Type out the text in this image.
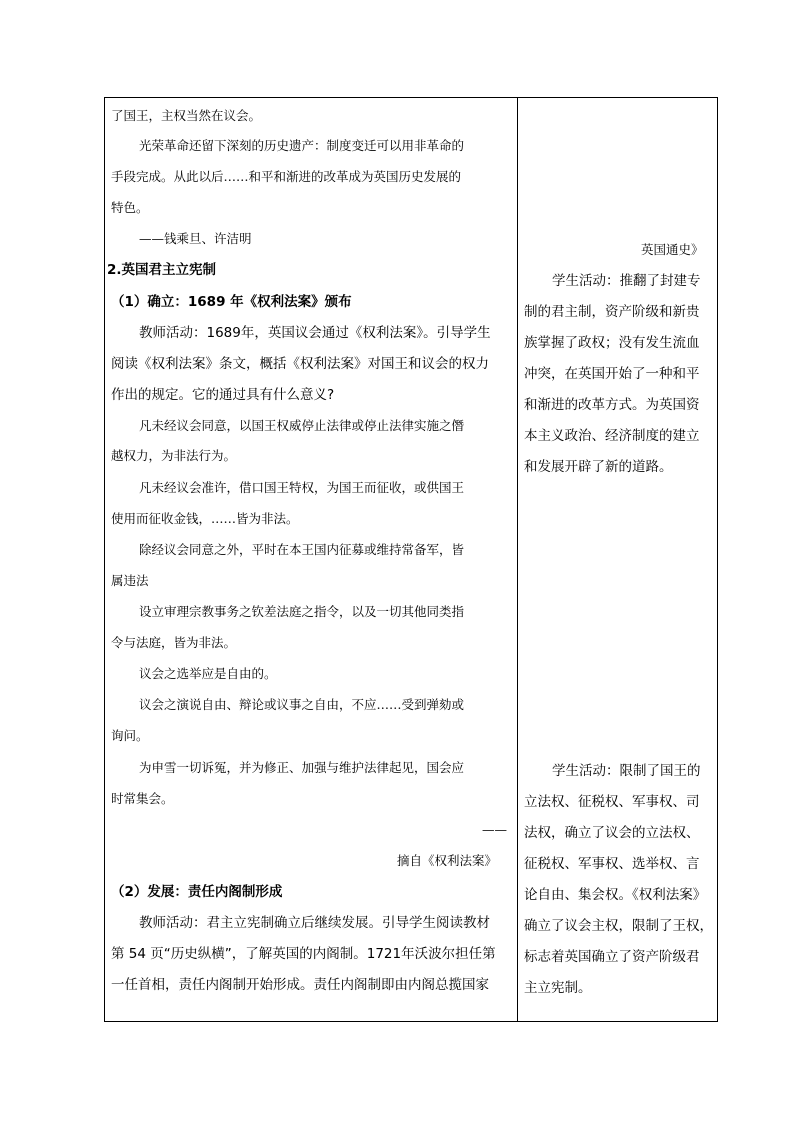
了国王，主权当然在议会。
光荣革命还留下深刻的历史遗产：制度变迁可以用非革命的
手段完成。从此以后……和平和渐进的改革成为英国历史发展的
特色。
——钱乘旦、许洁明
2.英国君主立宪制
（1）确立：1689 年《权利法案》颁布
教师活动：1689年，英国议会通过《权利法案》。引导学生
阅读《权利法案》条文，概括《权利法案》对国王和议会的权力
作出的规定。它的通过具有什么意义?
凡未经议会同意，以国王权威停止法律或停止法律实施之僭
越权力，为非法行为。
凡未经议会准许，借口国王特权，为国王而征收，或供国王
使用而征收金钱，……皆为非法。
除经议会同意之外，平时在本王国内征募或维持常备军，皆
属违法
设立审理宗教事务之钦差法庭之指令，以及一切其他同类指
令与法庭，皆为非法。
议会之选举应是自由的。
议会之演说自由、辩论或议事之自由，不应……受到弹劾或
询问。
为申雪一切诉冤，并为修正、加强与维护法律起见，国会应
时常集会。
——
摘自《权利法案》
（2）发展：责任内阁制形成
教师活动：君主立宪制确立后继续发展。引导学生阅读教材
第 54 页“历史纵横”，了解英国的内阁制。1721年沃波尔担任第
一任首相，责任内阁制开始形成。责任内阁制即由内阁总揽国家
英国通史》
学生活动：推翻了封建专
制的君主制，资产阶级和新贵
族掌握了政权；没有发生流血
冲突，在英国开始了一种和平
和渐进的改革方式。为英国资
本主义政治、经济制度的建立
和发展开辟了新的道路。
学生活动：限制了国王的
立法权、征税权、军事权、司
法权，确立了议会的立法权、
征税权、军事权、选举权、言
论自由、集会权。《权利法案》
确立了议会主权，限制了王权，
标志着英国确立了资产阶级君
主立宪制。
